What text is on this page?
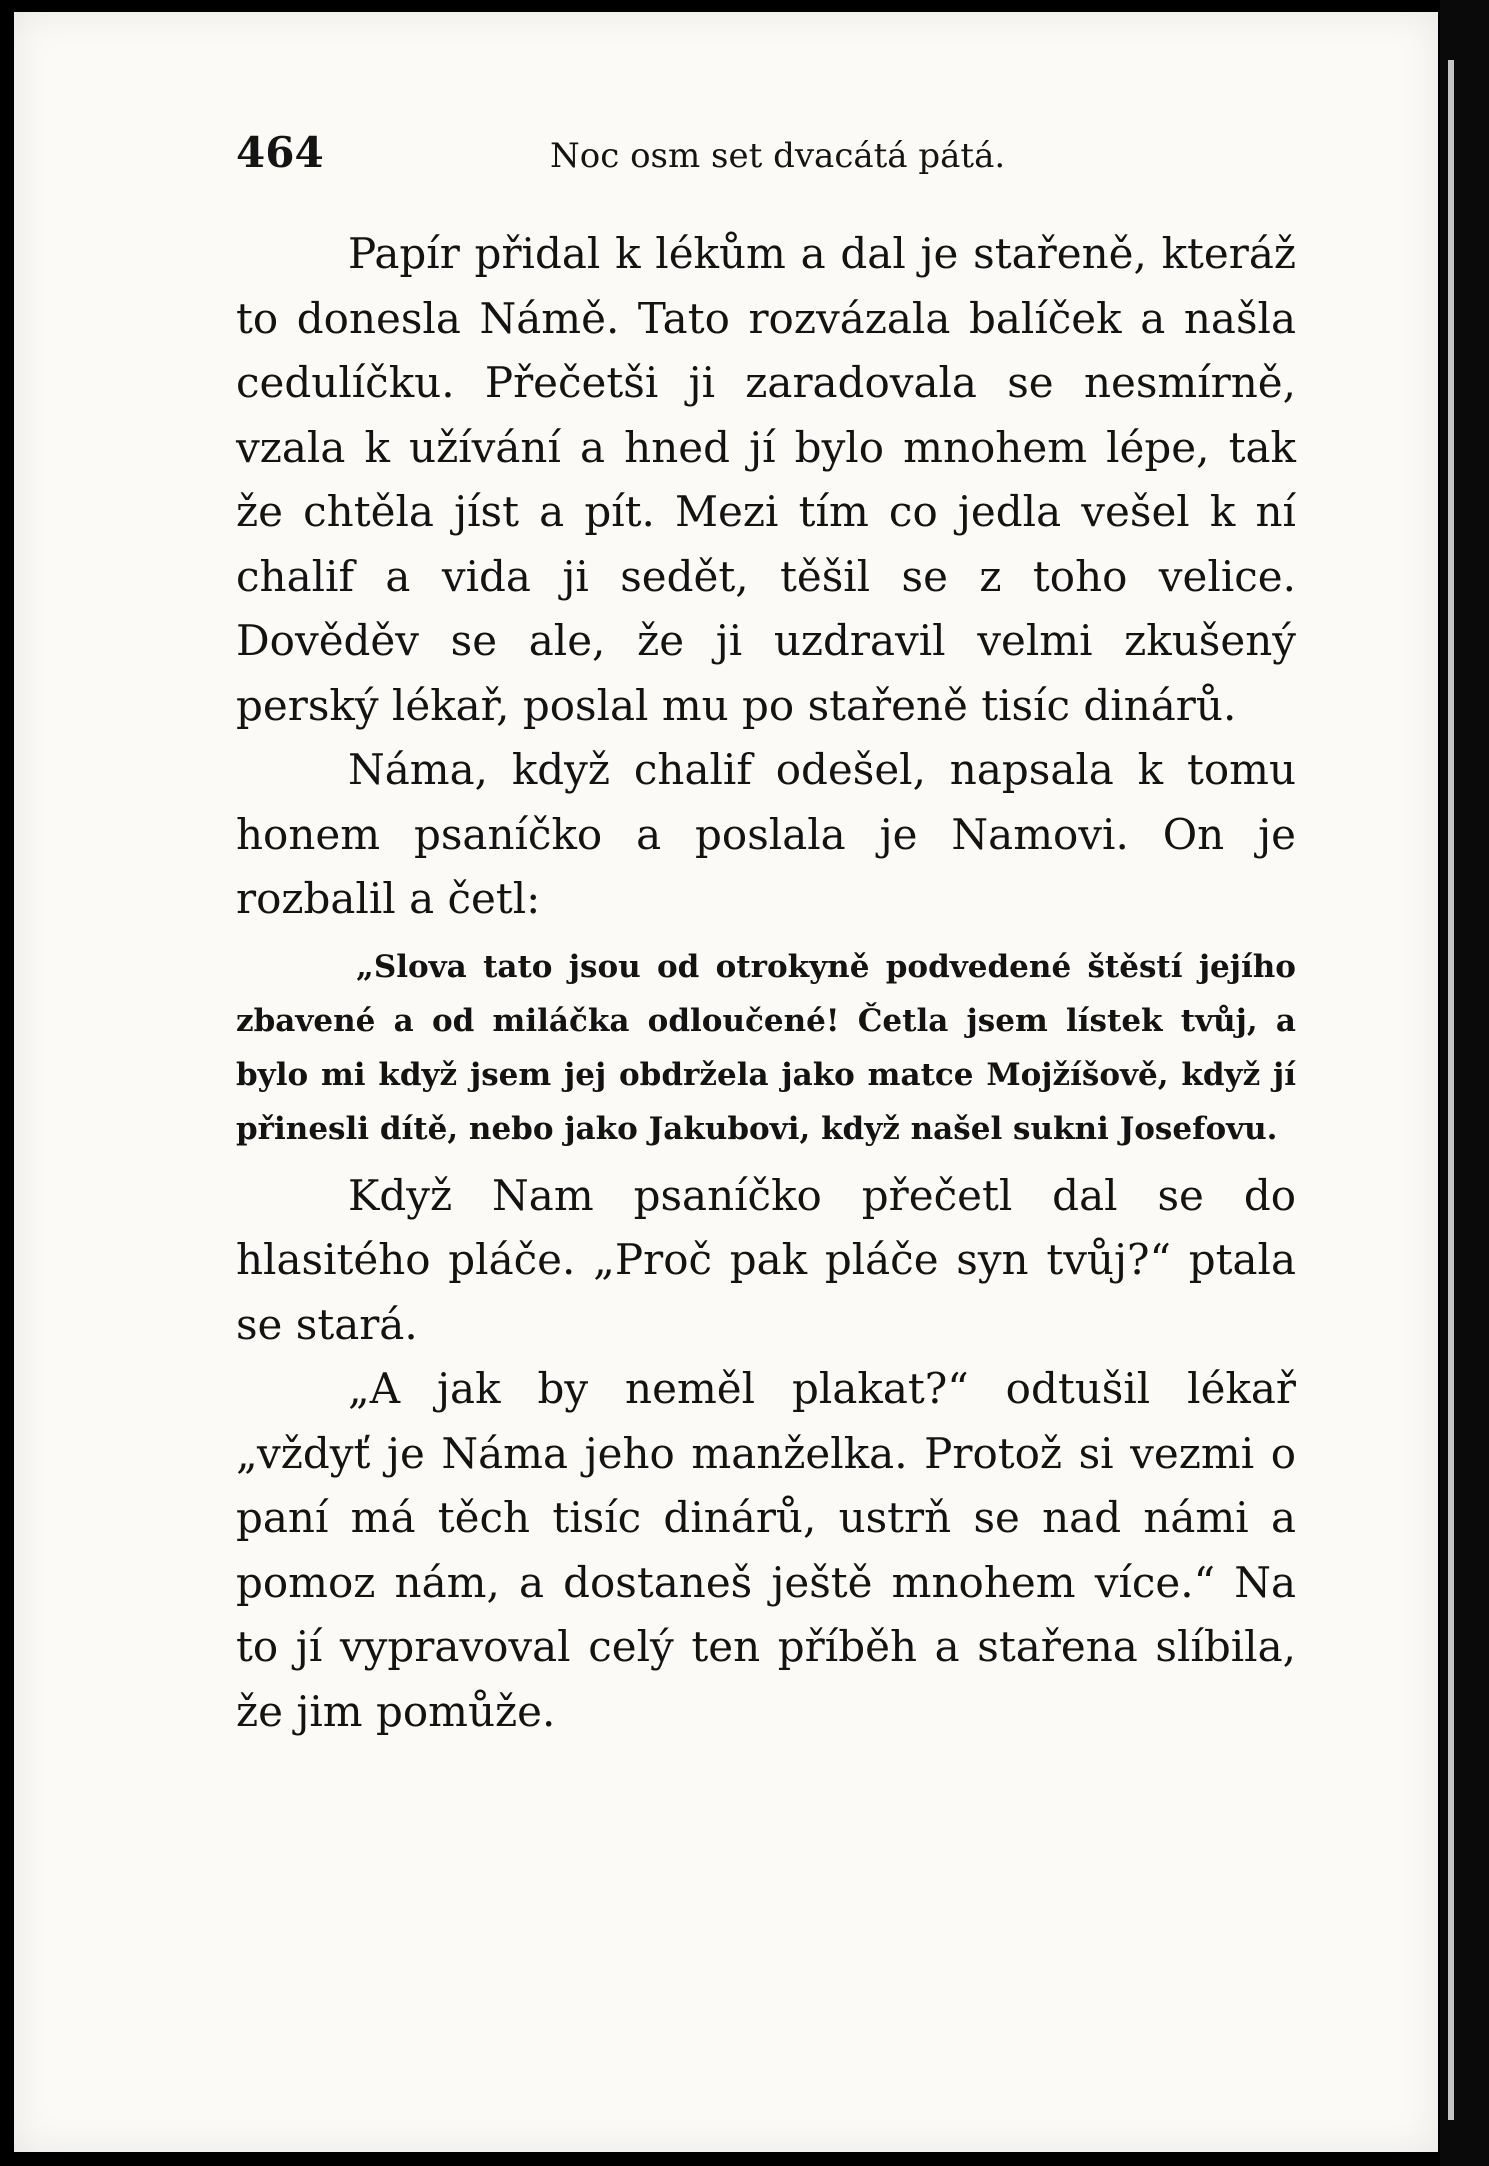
464	Noc osm set dvacátá pátá.

Papír přidal k lékům a dal je stařeně, kteráž to donesla Námě. Tato rozvázala balíček a našla cedulíčku. Přečetši ji zaradovala se nesmírně, vzala k užívání a hned jí bylo mnohem lépe, tak že chtěla jíst a pít. Mezi tím co jedla vešel k ní chalif a vida ji sedět, těšil se z toho velice. Dověděv se ale, že ji uzdravil velmi zkušený perský lékař, poslal mu po stařeně tisíc dinárů.

Náma, když chalif odešel, napsala k tomu honem psaníčko a poslala je Namovi. On je rozbalil a četl:

„Slova tato jsou od otrokyně podvedené štěstí jejího zbavené a od miláčka odloučené! Četla jsem lístek tvůj, a bylo mi když jsem jej obdržela jako matce Mojžíšově, když jí přinesli dítě, nebo jako Jakubovi, když našel sukni Josefovu.

Když Nam psaníčko přečetl dal se do hlasitého pláče. „Proč pak pláče syn tvůj?“ ptala se stará.

„A jak by neměl plakat?“ odtušil lékař „vždyť je Náma jeho manželka. Protož si vezmi o paní má těch tisíc dinárů, ustrň se nad námi a pomoz nám, a dostaneš ještě mnohem více.“ Na to jí vypravoval celý ten příběh a stařena slíbila, že jim pomůže.
